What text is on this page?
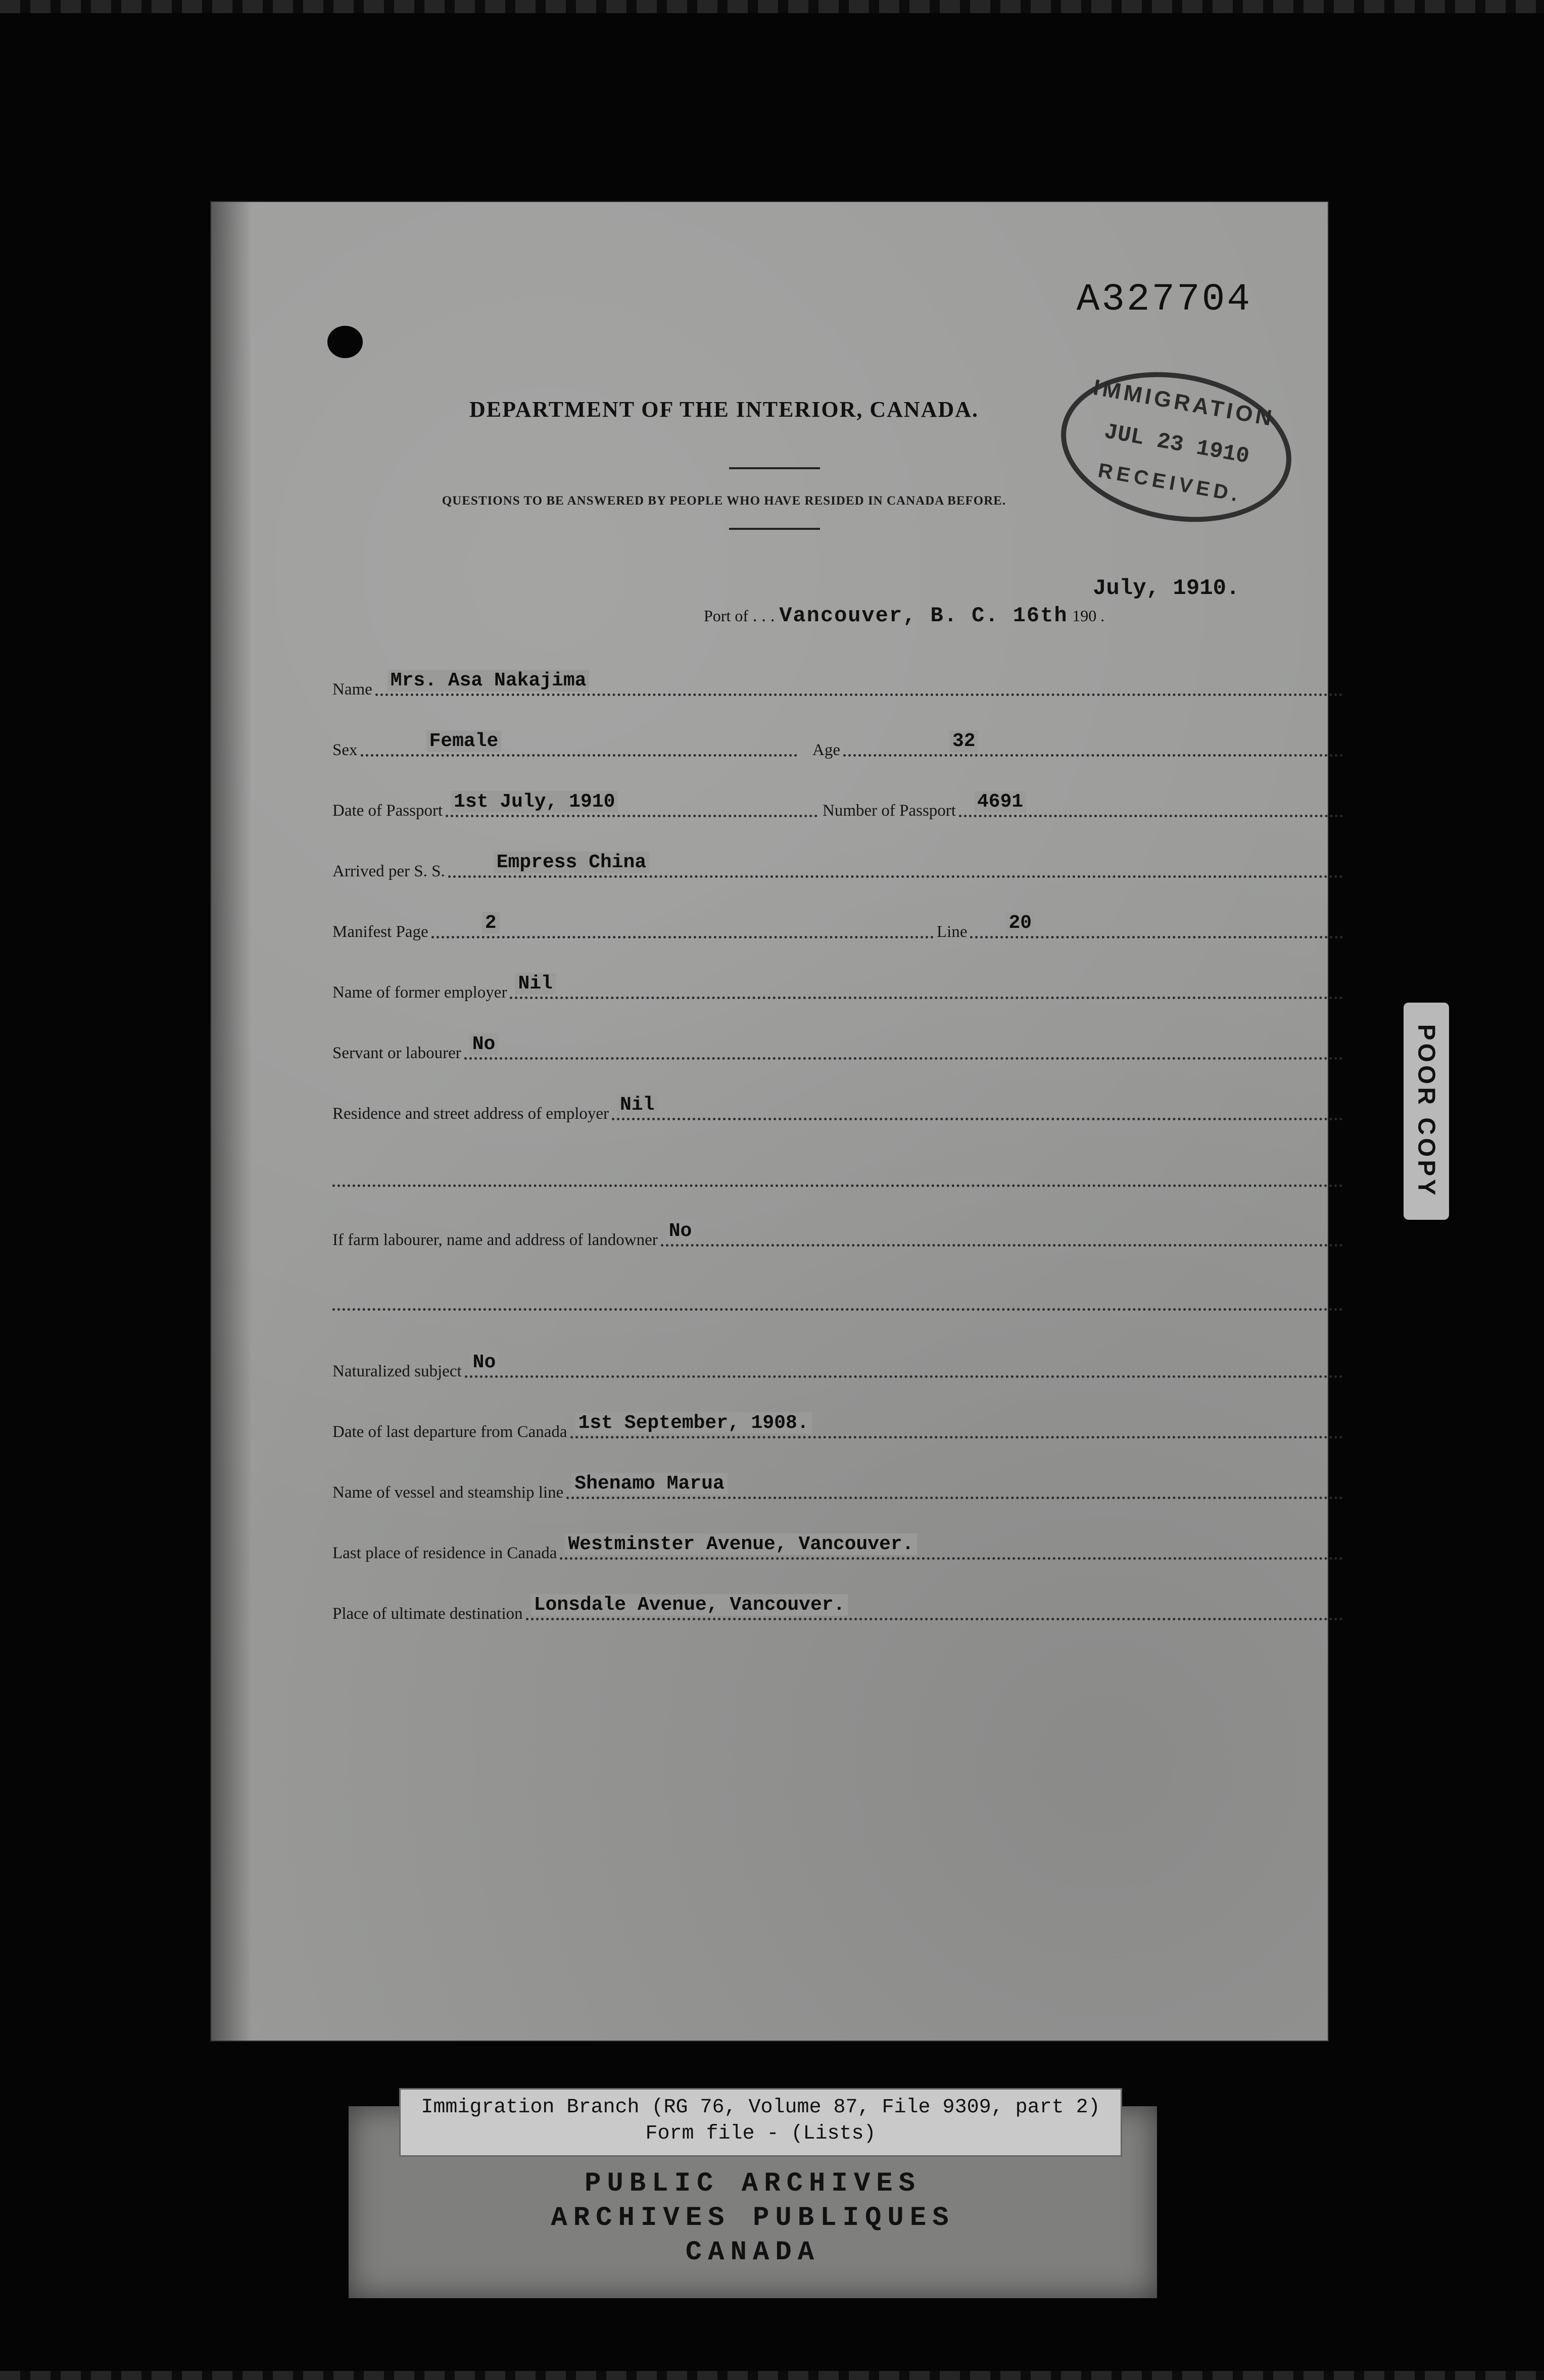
A327704
DEPARTMENT OF THE INTERIOR, CANADA.
QUESTIONS TO BE ANSWERED BY PEOPLE WHO HAVE RESIDED IN CANADA BEFORE.
IMMIGRATION
JUL 23 1910
RECEIVED.
July, 1910.
Port of . . . Vancouver, B. C. 16th 190 .
Name Mrs. Asa Nakajima
Sex	Female	Age	32
Date of Passport 1st July, 1910	Number of Passport 4691
Arrived per S. S.	Empress China
Manifest Page	2	Line 20
Name of former employer Nil
Servant or labourer No
Residence and street address of employer Nil
If farm labourer, name and address of landowner No
Naturalized subject No
Date of last departure from Canada 1st September, 1908.
Name of vessel and steamship line Shenamo Marua
Last place of residence in Canada Westminster Avenue, Vancouver.
Place of ultimate destination Lonsdale Avenue, Vancouver.
POOR COPY
Immigration Branch (RG 76, Volume 87, File 9309, part 2)
Form file - (Lists)
PUBLIC ARCHIVES
ARCHIVES PUBLIQUES
CANADA
